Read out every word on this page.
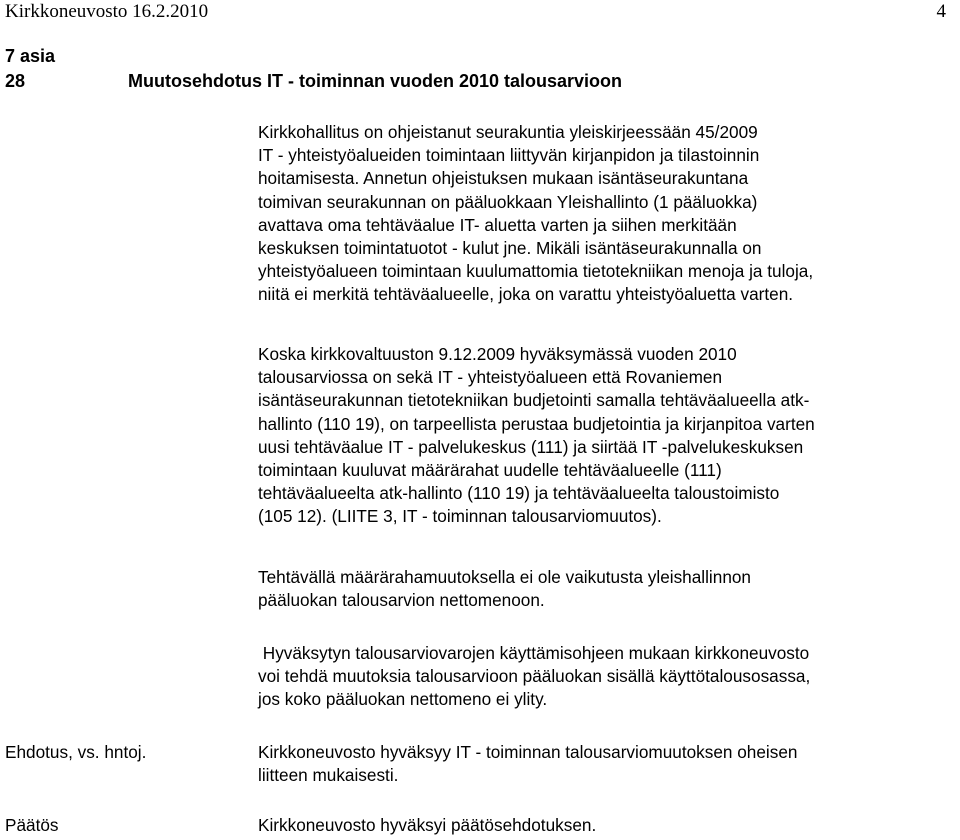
Kirkkoneuvosto 16.2.2010	4
7 asia
28	Muutosehdotus IT - toiminnan vuoden 2010 talousarvioon
Kirkkohallitus on ohjeistanut seurakuntia yleiskirjeessään 45/2009
IT - yhteistyöalueiden toimintaan liittyvän kirjanpidon ja tilastoinnin
hoitamisesta. Annetun ohjeistuksen mukaan isäntäseurakuntana
toimivan seurakunnan on pääluokkaan Yleishallinto (1 pääluokka)
avattava oma tehtäväalue IT- aluetta varten ja siihen merkitään
keskuksen toimintatuotot - kulut jne. Mikäli isäntäseurakunnalla on
yhteistyöalueen toimintaan kuulumattomia tietotekniikan menoja ja tuloja,
niitä ei merkitä tehtäväalueelle, joka on varattu yhteistyöaluetta varten.
Koska kirkkovaltuuston 9.12.2009 hyväksymässä vuoden 2010
talousarviossa on sekä IT - yhteistyöalueen että Rovaniemen
isäntäseurakunnan tietotekniikan budjetointi samalla tehtäväalueella atk-
hallinto (110 19), on tarpeellista perustaa budjetointia ja kirjanpitoa varten
uusi tehtäväalue IT - palvelukeskus (111) ja siirtää IT -palvelukeskuksen
toimintaan kuuluvat määrärahat uudelle tehtäväalueelle (111)
tehtäväalueelta atk-hallinto (110 19) ja tehtäväalueelta taloustoimisto
(105 12). (LIITE 3, IT - toiminnan talousarviomuutos).
Tehtävällä määrärahamuutoksella ei ole vaikutusta yleishallinnon
pääluokan talousarvion nettomenoon.
Hyväksytyn talousarviovarojen käyttämisohjeen mukaan kirkkoneuvosto
voi tehdä muutoksia talousarvioon pääluokan sisällä käyttötalousosassa,
jos koko pääluokan nettomeno ei ylity.
Ehdotus, vs. hntoj.	Kirkkoneuvosto hyväksyy IT - toiminnan talousarviomuutoksen oheisen
liitteen mukaisesti.
Päätös	Kirkkoneuvosto hyväksyi päätösehdotuksen.
